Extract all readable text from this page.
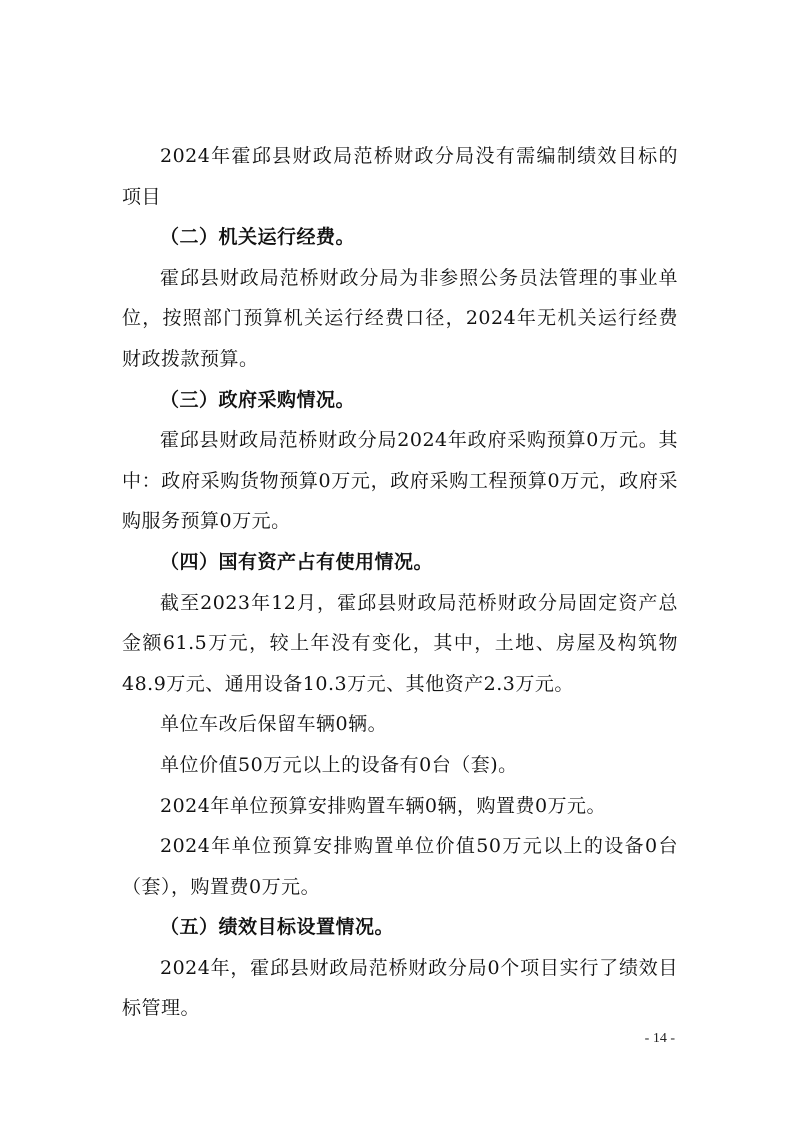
2024年霍邱县财政局范桥财政分局没有需编制绩效目标的项目

（二）机关运行经费。

霍邱县财政局范桥财政分局为非参照公务员法管理的事业单位，按照部门预算机关运行经费口径，2024年无机关运行经费财政拨款预算。

（三）政府采购情况。

霍邱县财政局范桥财政分局2024年政府采购预算0万元。其中：政府采购货物预算0万元，政府采购工程预算0万元，政府采购服务预算0万元。

（四）国有资产占有使用情况。

截至2023年12月，霍邱县财政局范桥财政分局固定资产总金额61.5万元，较上年没有变化，其中，土地、房屋及构筑物48.9万元、通用设备10.3万元、其他资产2.3万元。

单位车改后保留车辆0辆。

单位价值50万元以上的设备有0台（套)。

2024年单位预算安排购置车辆0辆，购置费0万元。

2024年单位预算安排购置单位价值50万元以上的设备0台（套），购置费0万元。

（五）绩效目标设置情况。

2024年，霍邱县财政局范桥财政分局0个项目实行了绩效目标管理。

- 14 -
